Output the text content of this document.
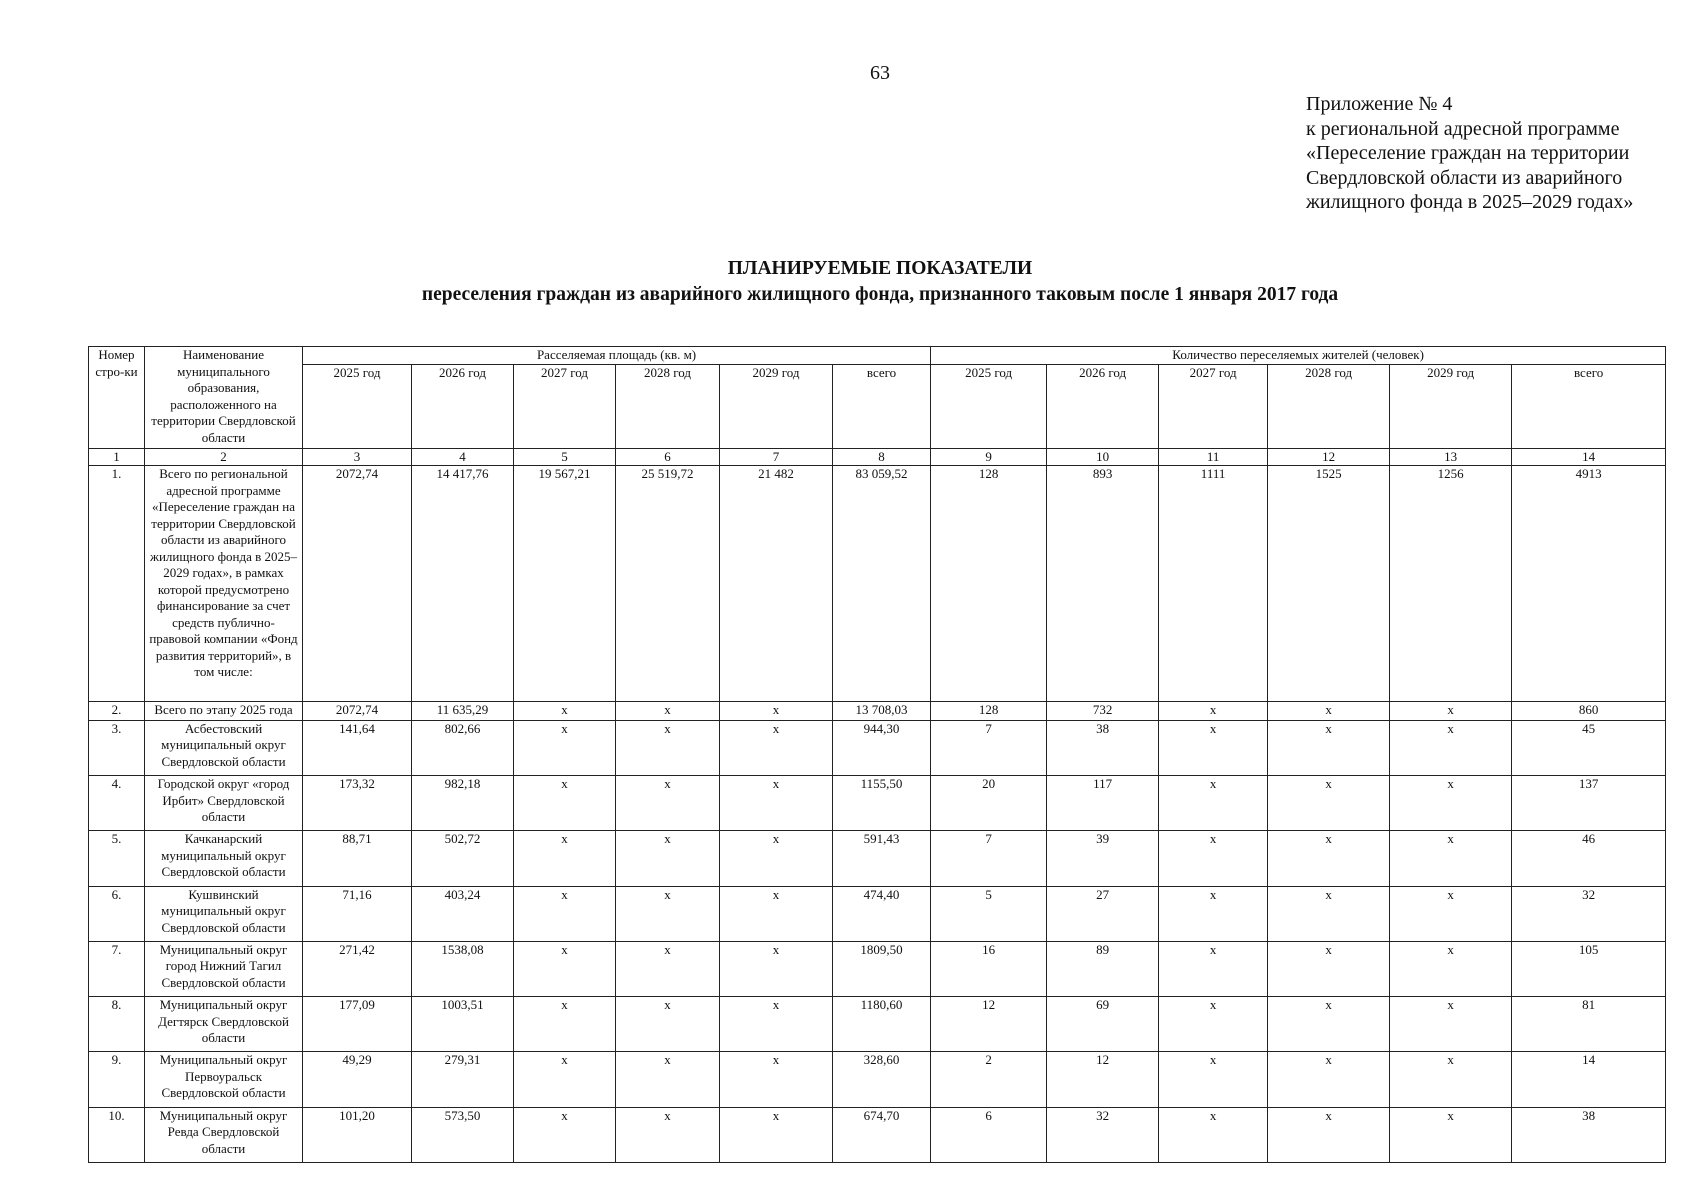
63
Приложение № 4
к региональной адресной программе
«Переселение граждан на территории
Свердловской области из аварийного
жилищного фонда в 2025–2029 годах»
ПЛАНИРУЕМЫЕ ПОКАЗАТЕЛИ
переселения граждан из аварийного жилищного фонда, признанного таковым после 1 января 2017 года
Номер стро-ки	Наименование муниципального образования, расположенного на территории Свердловской области	Расселяемая площадь (кв. м)						Количество переселяемых жителей (человек)					
		2025 год	2026 год	2027 год	2028 год	2029 год	всего	2025 год	2026 год	2027 год	2028 год	2029 год	всего
1	2	3	4	5	6	7	8	9	10	11	12	13	14
1.	Всего по региональной адресной программе «Переселение граждан на территории Свердловской области из аварийного жилищного фонда в 2025–2029 годах», в рамках которой предусмотрено финансирование за счет средств публично-правовой компании «Фонд развития территорий», в том числе:	2072,74	14 417,76	19 567,21	25 519,72	21 482	83 059,52	128	893	1111	1525	1256	4913
2.	Всего по этапу 2025 года	2072,74	11 635,29	x	x	x	13 708,03	128	732	x	x	x	860
3.	Асбестовский муниципальный округ Свердловской области	141,64	802,66	x	x	x	944,30	7	38	x	x	x	45
4.	Городской округ «город Ирбит» Свердловской области	173,32	982,18	x	x	x	1155,50	20	117	x	x	x	137
5.	Качканарский муниципальный округ Свердловской области	88,71	502,72	x	x	x	591,43	7	39	x	x	x	46
6.	Кушвинский муниципальный округ Свердловской области	71,16	403,24	x	x	x	474,40	5	27	x	x	x	32
7.	Муниципальный округ город Нижний Тагил Свердловской области	271,42	1538,08	x	x	x	1809,50	16	89	x	x	x	105
8.	Муниципальный округ Дегтярск Свердловской области	177,09	1003,51	x	x	x	1180,60	12	69	x	x	x	81
9.	Муниципальный округ Первоуральск Свердловской области	49,29	279,31	x	x	x	328,60	2	12	x	x	x	14
10.	Муниципальный округ Ревда Свердловской области	101,20	573,50	x	x	x	674,70	6	32	x	x	x	38
